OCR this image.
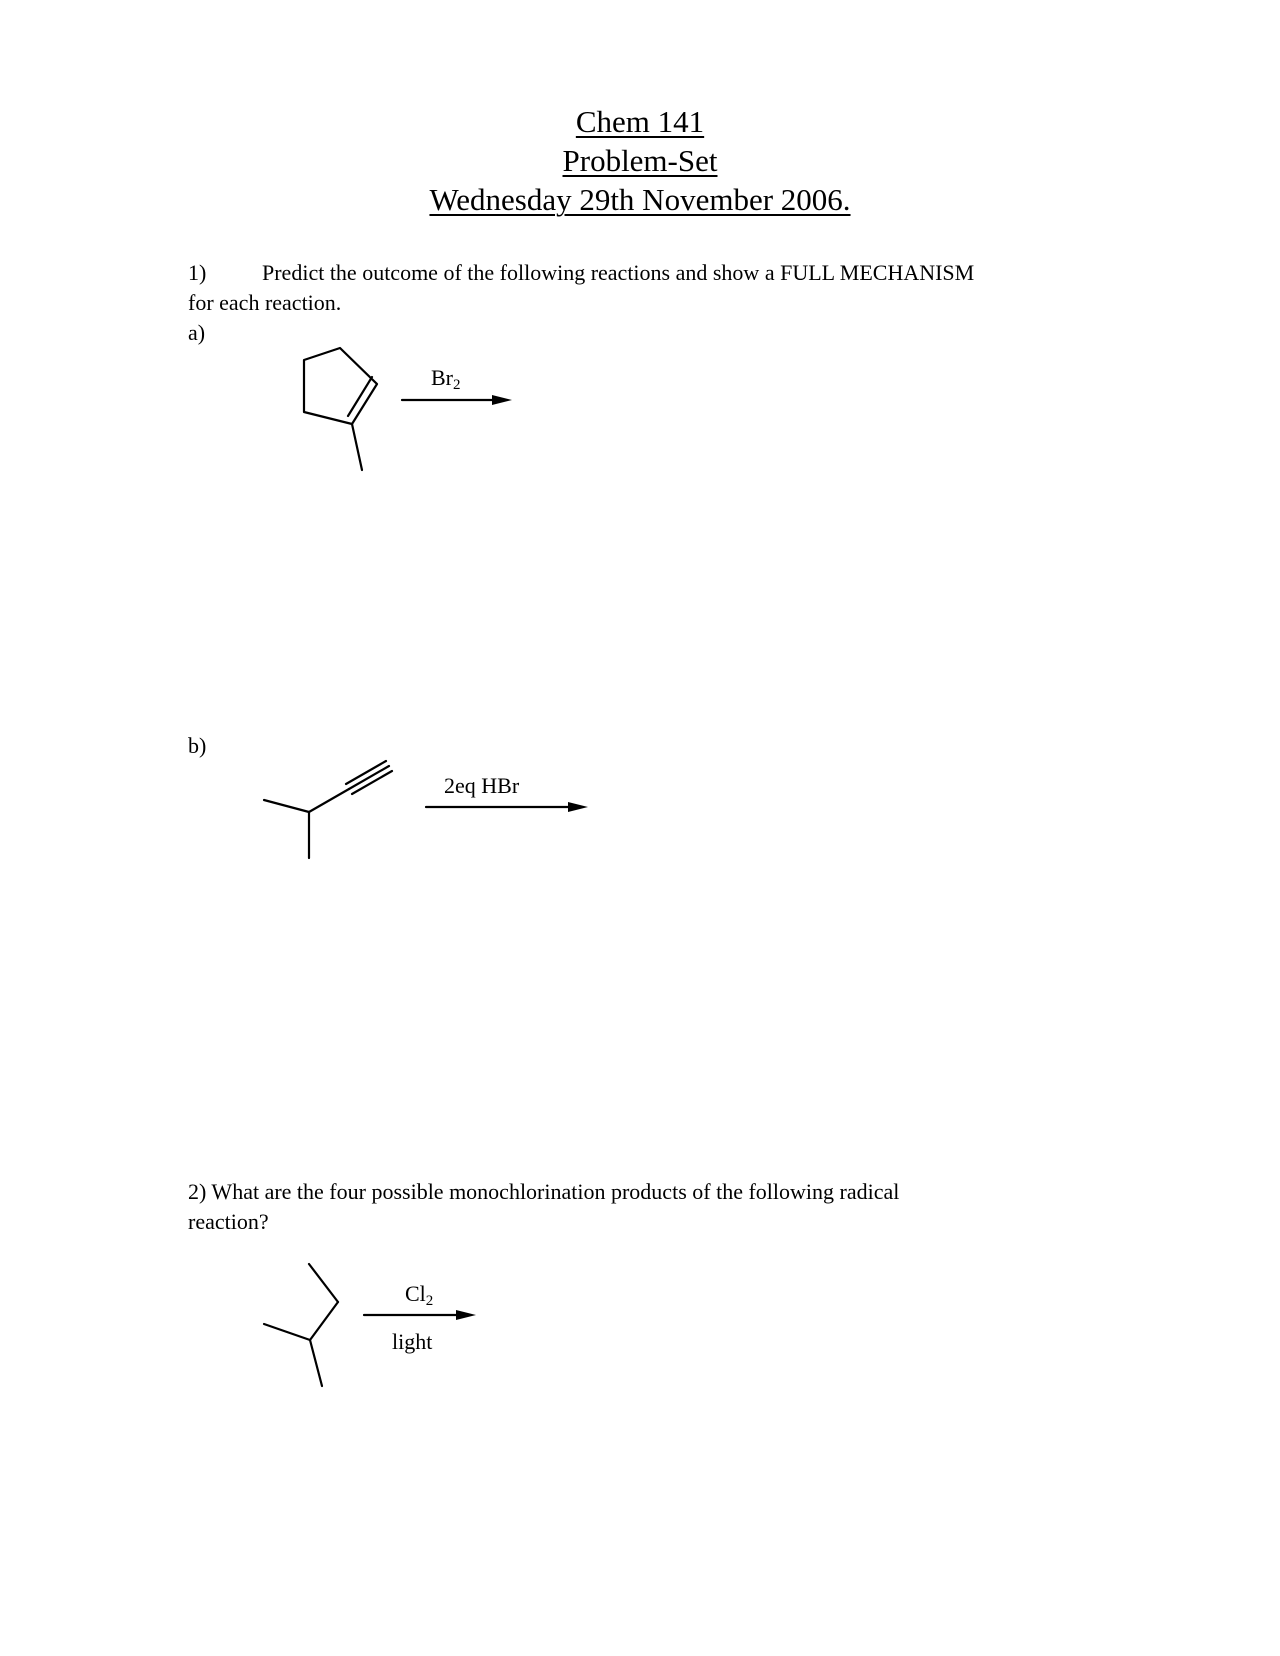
Chem 141
Problem-Set
Wednesday 29th November 2006.
1)	Predict the outcome of the following reactions and show a FULL MECHANISM
for each reaction.
a)
$Br_2$
b)
2eq HBr
2) What are the four possible monochlorination products of the following radical
reaction?
$Cl_2$
light
